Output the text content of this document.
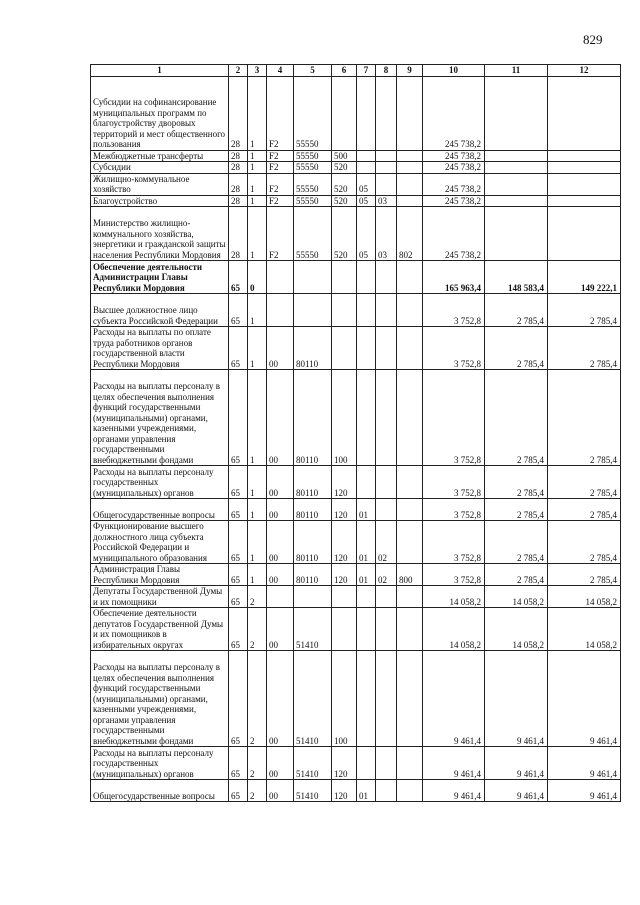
829
1	2	3	4	5	6	7	8	9	10	11	12
Субсидии на софинансирование муниципальных программ по благоустройству дворовых территорий и мест общественного пользования	28	1	F2	55550					245 738,2		
Межбюджетные трансферты	28	1	F2	55550	500				245 738,2		
Субсидии	28	1	F2	55550	520				245 738,2		
Жилищно-коммунальное хозяйство	28	1	F2	55550	520	05			245 738,2		
Благоустройство	28	1	F2	55550	520	05	03		245 738,2		
Министерство жилищно-коммунального хозяйства, энергетики и гражданской защиты населения Республики Мордовия	28	1	F2	55550	520	05	03	802	245 738,2		
Обеспечение деятельности Администрации Главы Республики Мордовия	65	0							165 963,4	148 583,4	149 222,1
Высшее должностное лицо субъекта Российской Федерации	65	1							3 752,8	2 785,4	2 785,4
Расходы на выплаты по оплате труда работников органов государственной власти Республики Мордовия	65	1	00	80110					3 752,8	2 785,4	2 785,4
Расходы на выплаты персоналу в целях обеспечения выполнения функций государственными (муниципальными) органами, казенными учреждениями, органами управления государственными внебюджетными фондами	65	1	00	80110	100				3 752,8	2 785,4	2 785,4
Расходы на выплаты персоналу государственных (муниципальных) органов	65	1	00	80110	120				3 752,8	2 785,4	2 785,4
Общегосударственные вопросы	65	1	00	80110	120	01			3 752,8	2 785,4	2 785,4
Функционирование высшего должностного лица субъекта Российской Федерации и муниципального образования	65	1	00	80110	120	01	02		3 752,8	2 785,4	2 785,4
Администрация Главы Республики Мордовия	65	1	00	80110	120	01	02	800	3 752,8	2 785,4	2 785,4
Депутаты Государственной Думы и их помощники	65	2							14 058,2	14 058,2	14 058,2
Обеспечение деятельности депутатов Государственной Думы и их помощников в избирательных округах	65	2	00	51410					14 058,2	14 058,2	14 058,2
Расходы на выплаты персоналу в целях обеспечения выполнения функций государственными (муниципальными) органами, казенными учреждениями, органами управления государственными внебюджетными фондами	65	2	00	51410	100				9 461,4	9 461,4	9 461,4
Расходы на выплаты персоналу государственных (муниципальных) органов	65	2	00	51410	120				9 461,4	9 461,4	9 461,4
Общегосударственные вопросы	65	2	00	51410	120	01			9 461,4	9 461,4	9 461,4
